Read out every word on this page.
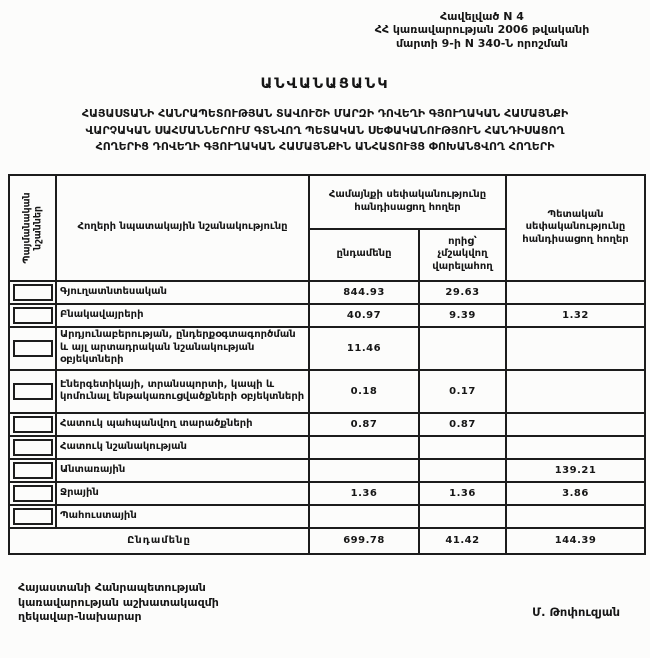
Հավելված N 4
ՀՀ կառավարության 2006 թվականի
մարտի 9-ի N 340-Ն որոշման
ԱՆՎԱՆԱՑԱՆԿ
ՀԱՅԱՍՏԱՆԻ ՀԱՆՐԱՊԵՏՈՒԹՅԱՆ ՏԱՎՈՒՇԻ ՄԱՐԶԻ ԴՈՎԵՂԻ ԳՅՈՒՂԱԿԱՆ ՀԱՄԱՅՆՔԻ
ՎԱՐՉԱԿԱՆ ՍԱՀՄԱՆՆԵՐՈՒՄ ԳՏՆՎՈՂ ՊԵՏԱԿԱՆ ՍԵՓԱԿԱՆՈՒԹՅՈՒՆ ՀԱՆԴԻՍԱՑՈՂ
ՀՈՂԵՐԻՑ ԴՈՎԵՂԻ ԳՅՈՒՂԱԿԱՆ ՀԱՄԱՅՆՔԻՆ ԱՆՀԱՏՈՒՅՑ ՓՈԽԱՆՑՎՈՂ ՀՈՂԵՐԻ
Պայմանական նշաններ	Հողերի նպատակային նշանակությունը	Համայնքի սեփականությունը հանդիսացող հողեր		Պետական սեփականությունը հանդիսացող հողեր
		ընդամենը	որից՝ չմշակվող վարելահող	
	Գյուղատնտեսական	844.93	29.63	
	Բնակավայրերի	40.97	9.39	1.32
	Արդյունաբերության, ընդերքօգտագործման և այլ արտադրական նշանակության օբյեկտների	11.46		
	Էներգետիկայի, տրանսպորտի, կապի և կոմունալ ենթակառուցվածքների օբյեկտների	0.18	0.17	
	Հատուկ պահպանվող տարածքների	0.87	0.87	
	Հատուկ նշանակության			
	Անտառային			139.21
	Ջրային	1.36	1.36	3.86
	Պահուստային			
Ընդամենը		699.78	41.42	144.39
Հայաստանի Հանրապետության
կառավարության աշխատակազմի
ղեկավար-նախարար	Մ. Թոփուզյան
